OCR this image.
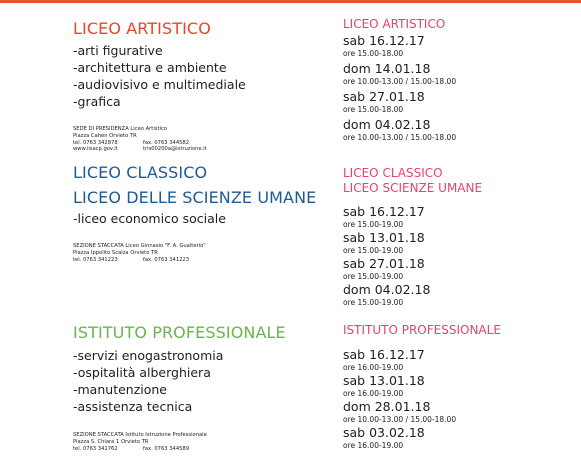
LICEO ARTISTICO
-arti figurative
-architettura e ambiente
-audiovisivo e multimediale
-grafica
SEDE DI PRESIDENZA Liceo Artistico
Piazza Cahen Orvieto TR
tel. 0763 342878	fax. 0763 344582
www.iisacp.gov.it	tris00200a@istruzione.it
LICEO CLASSICO
LICEO DELLE SCIENZE UMANE
-liceo economico sociale
SEZIONE STACCATA Liceo Ginnasio "F. A. Gualterio"
Piazza Ippolito Scalza Orvieto TR
tel. 0763 341223	fax. 0763 341223
ISTITUTO PROFESSIONALE
-servizi enogastronomia
-ospitalità alberghiera
-manutenzione
-assistenza tecnica
SEZIONE STACCATA Istituto Istruzione Professionale
Piazza S. Chiara 1 Orvieto TR
tel. 0763 341762	fax. 0763 344589
LICEO ARTISTICO
sab 16.12.17
ore 15.00-18.00
dom 14.01.18
ore 10.00-13.00 / 15.00-18.00
sab 27.01.18
ore 15.00-18.00
dom 04.02.18
ore 10.00-13.00 / 15.00-18.00
LICEO CLASSICO
LICEO SCIENZE UMANE
sab 16.12.17
ore 15.00-19.00
sab 13.01.18
ore 15.00-19.00
sab 27.01.18
ore 15.00-19.00
dom 04.02.18
ore 15.00-19.00
ISTITUTO PROFESSIONALE
sab 16.12.17
ore 16.00-19.00
sab 13.01.18
ore 16.00-19.00
dom 28.01.18
ore 10.00-13.00 / 15.00-18.00
sab 03.02.18
ore 16.00-19.00
